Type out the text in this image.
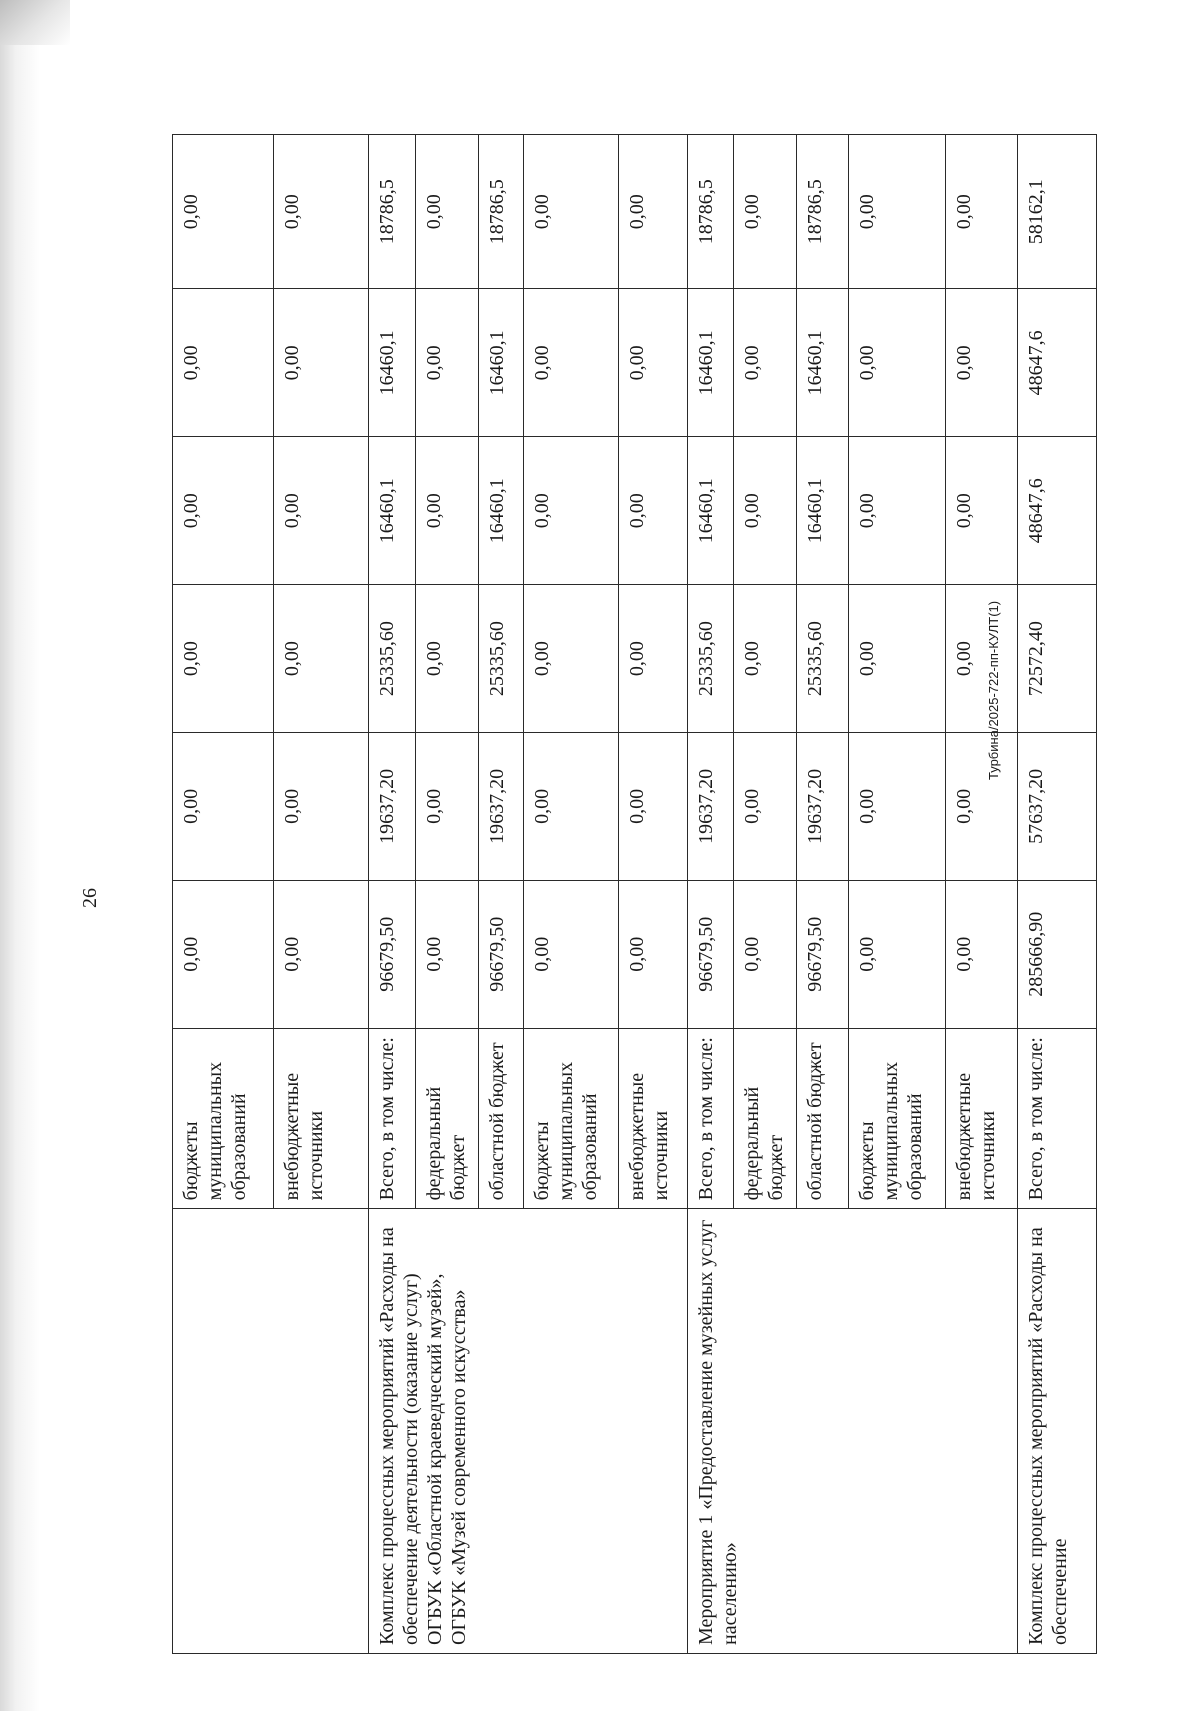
26
	бюджеты муниципальных образований	0,00	0,00	0,00	0,00	0,00	0,00
	внебюджетные источники	0,00	0,00	0,00	0,00	0,00	0,00
Комплекс процессных мероприятий «Расходы на обеспечение деятельности (оказание услуг) ОГБУК «Областной краеведческий музей», ОГБУК «Музей современного искусства»	Всего, в том числе:	96679,50	19637,20	25335,60	16460,1	16460,1	18786,5
	федеральный бюджет	0,00	0,00	0,00	0,00	0,00	0,00
	областной бюджет	96679,50	19637,20	25335,60	16460,1	16460,1	18786,5
	бюджеты муниципальных образований	0,00	0,00	0,00	0,00	0,00	0,00
	внебюджетные источники	0,00	0,00	0,00	0,00	0,00	0,00
Мероприятие 1 «Предоставление музейных услуг населению»	Всего, в том числе:	96679,50	19637,20	25335,60	16460,1	16460,1	18786,5
	федеральный бюджет	0,00	0,00	0,00	0,00	0,00	0,00
	областной бюджет	96679,50	19637,20	25335,60	16460,1	16460,1	18786,5
	бюджеты муниципальных образований	0,00	0,00	0,00	0,00	0,00	0,00
	внебюджетные источники	0,00	0,00	0,00	0,00	0,00	0,00
Комплекс процессных мероприятий «Расходы на обеспечение	Всего, в том числе:	285666,90	57637,20	72572,40	48647,6	48647,6	58162,1
Турбина/2025-722-пп-КУЛТ(1)
